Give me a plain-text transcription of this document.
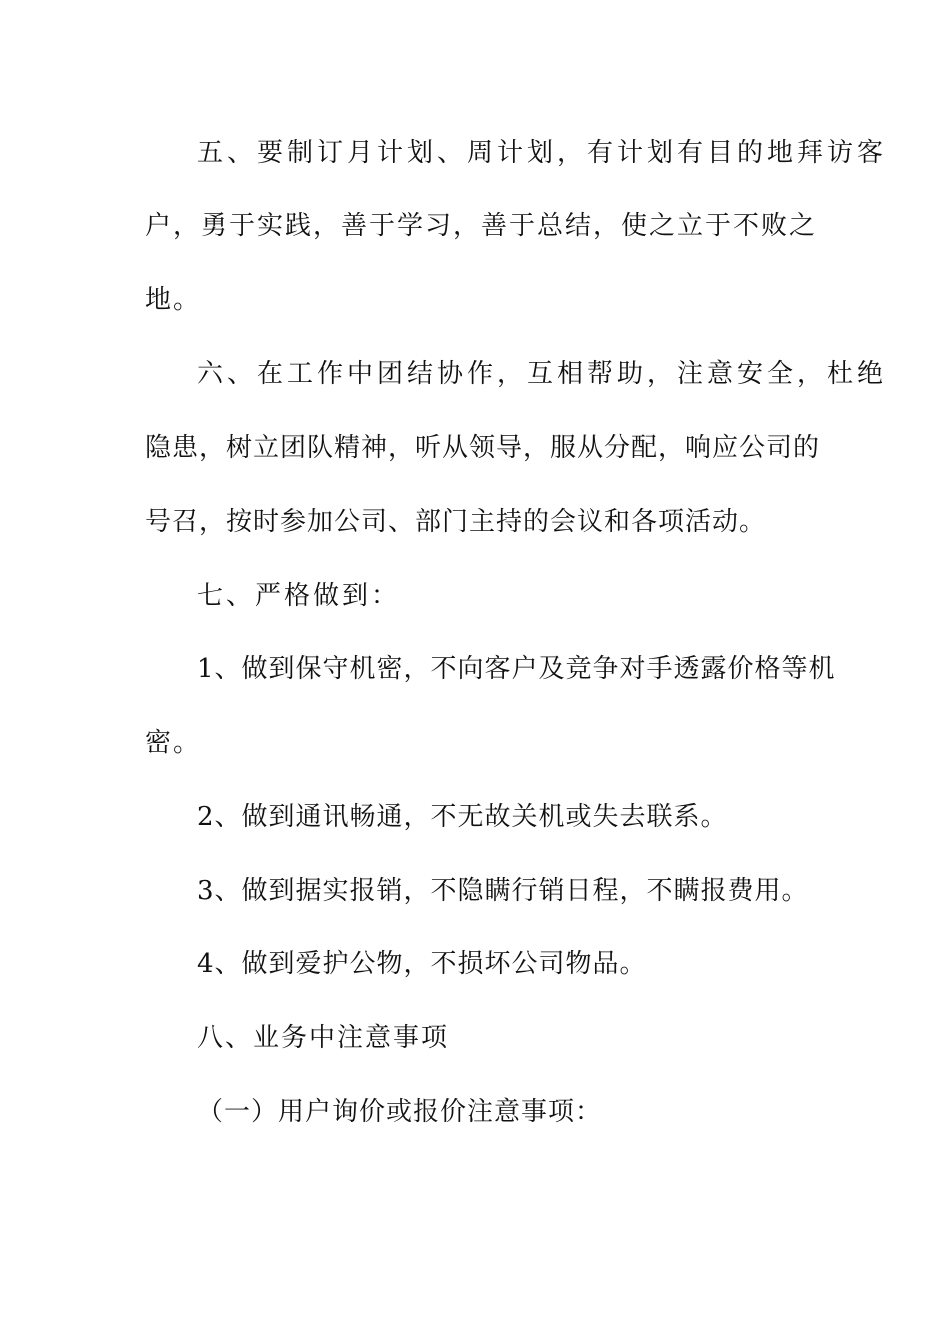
五、要制订月计划、周计划，有计划有目的地拜访客
户，勇于实践，善于学习，善于总结，使之立于不败之
地。
六、在工作中团结协作，互相帮助，注意安全，杜绝
隐患，树立团队精神，听从领导，服从分配，响应公司的
号召，按时参加公司、部门主持的会议和各项活动。
七、严格做到：
1、做到保守机密，不向客户及竞争对手透露价格等机
密。
2、做到通讯畅通，不无故关机或失去联系。
3、做到据实报销，不隐瞒行销日程，不瞒报费用。
4、做到爱护公物，不损坏公司物品。
八、业务中注意事项
（一）用户询价或报价注意事项：
